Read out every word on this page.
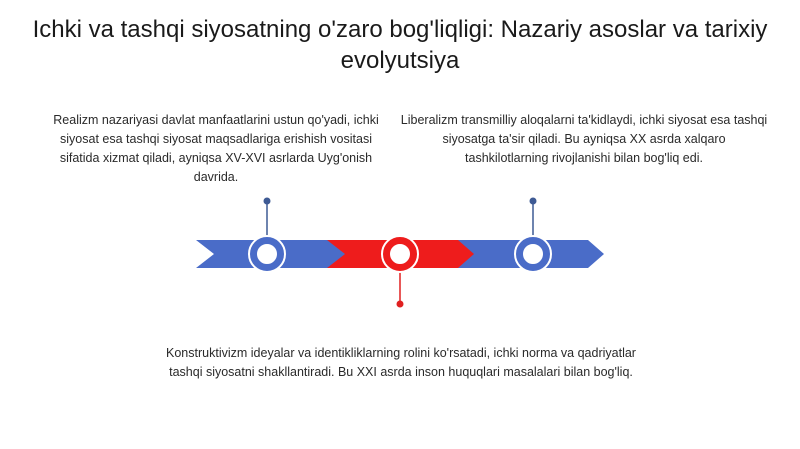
Ichki va tashqi siyosatning o'zaro bog'liqligi: Nazariy asoslar va tarixiy evolyutsiya
Realizm nazariyasi davlat manfaatlarini ustun qo'yadi, ichki siyosat esa tashqi siyosat maqsadlariga erishish vositasi sifatida xizmat qiladi, ayniqsa XV-XVI asrlarda Uyg'onish davrida.
Liberalizm transmilliy aloqalarni ta'kidlaydi, ichki siyosat esa tashqi siyosatga ta'sir qiladi. Bu ayniqsa XX asrda xalqaro tashkilotlarning rivojlanishi bilan bog'liq edi.
Konstruktivizm ideyalar va identikliklarning rolini ko'rsatadi, ichki norma va qadriyatlar tashqi siyosatni shakllantiradi. Bu XXI asrda inson huquqlari masalalari bilan bog'liq.
